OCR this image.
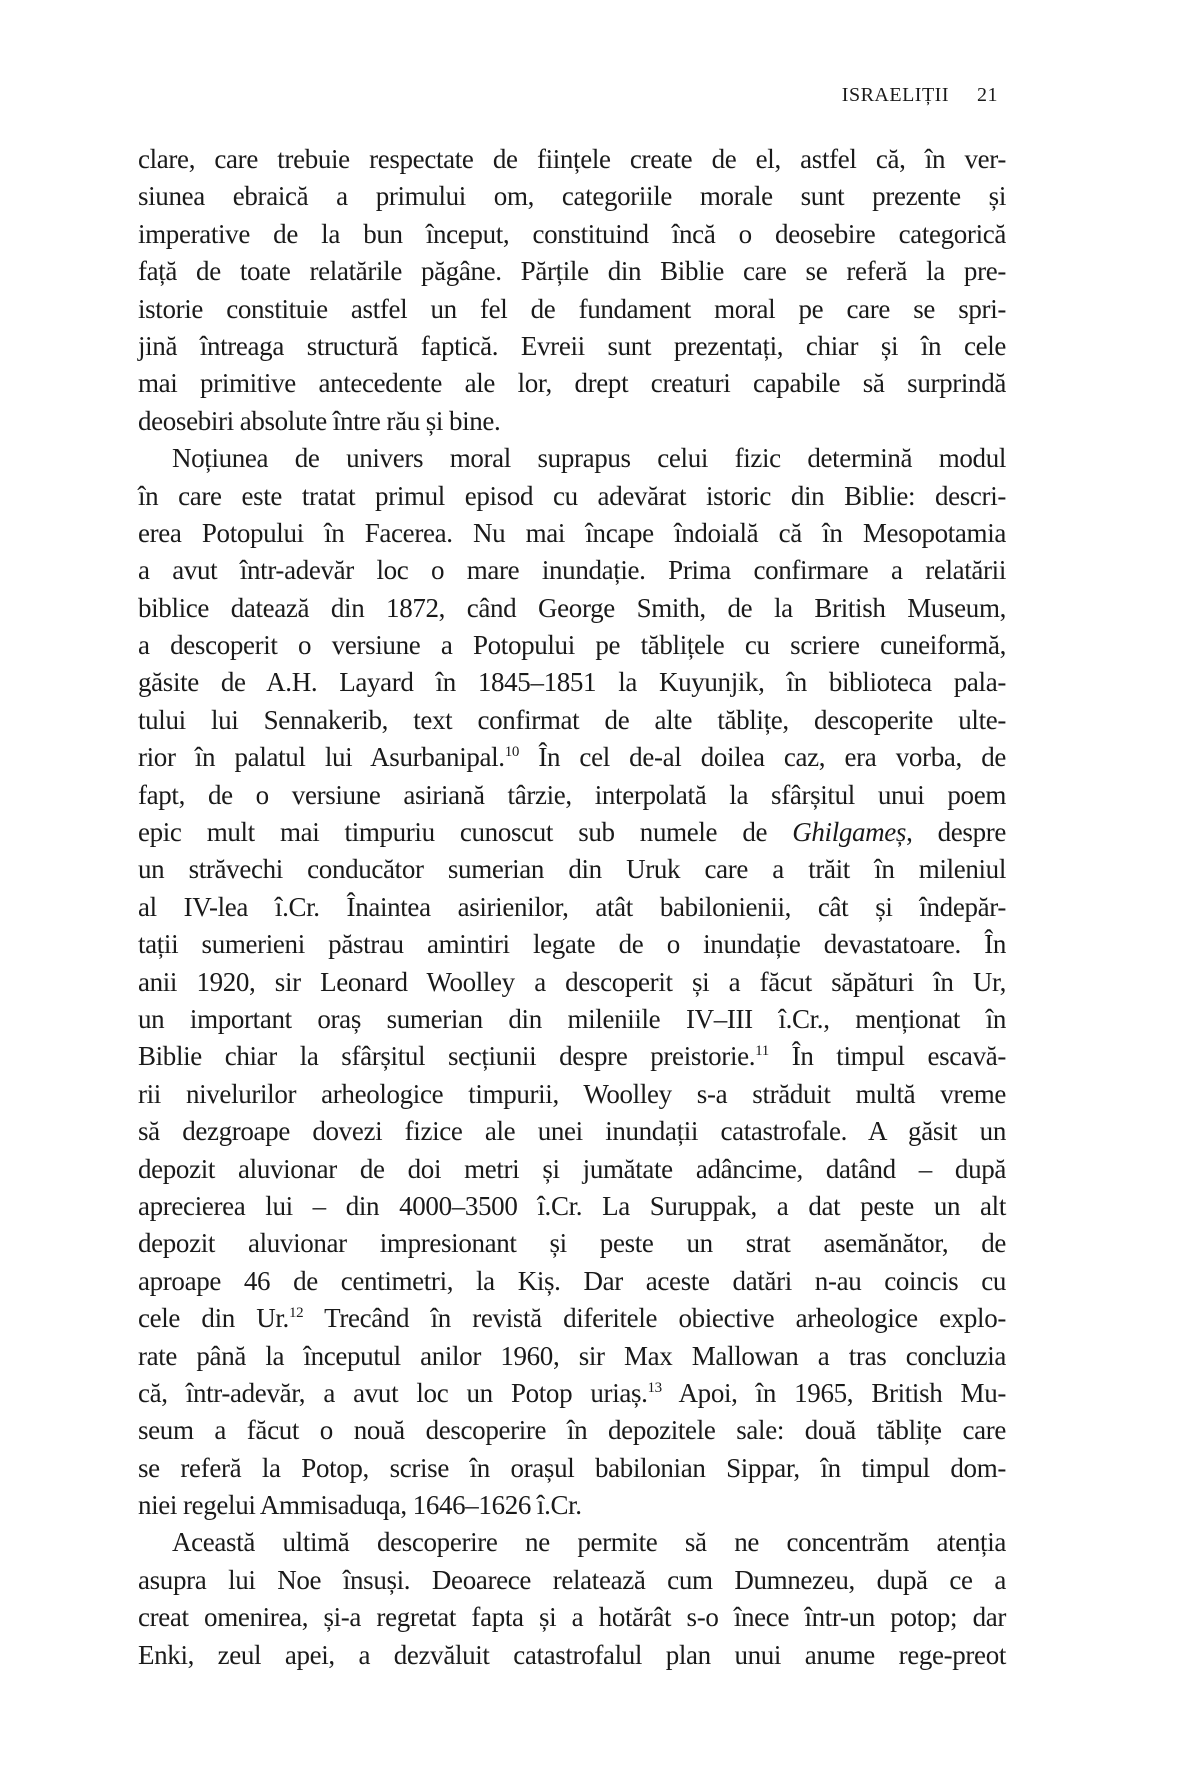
ISRAELIȚII 21
clare, care trebuie respectate de ființele create de el, astfel că, în ver-
siunea ebraică a primului om, categoriile morale sunt prezente și
imperative de la bun început, constituind încă o deosebire categorică
față de toate relatările păgâne. Părțile din Biblie care se referă la pre-
istorie constituie astfel un fel de fundament moral pe care se spri-
jină întreaga structură faptică. Evreii sunt prezentați, chiar și în cele
mai primitive antecedente ale lor, drept creaturi capabile să surprindă
deosebiri absolute între rău și bine.
Noțiunea de univers moral suprapus celui fizic determină modul
în care este tratat primul episod cu adevărat istoric din Biblie: descri-
erea Potopului în Facerea. Nu mai încape îndoială că în Mesopotamia
a avut într-adevăr loc o mare inundație. Prima confirmare a relatării
biblice datează din 1872, când George Smith, de la British Museum,
a descoperit o versiune a Potopului pe tăblițele cu scriere cuneiformă,
găsite de A.H. Layard în 1845–1851 la Kuyunjik, în biblioteca pala-
tului lui Sennakerib, text confirmat de alte tăblițe, descoperite ulte-
rior în palatul lui Asurbanipal.$^{10}$ În cel de-al doilea caz, era vorba, de
fapt, de o versiune asiriană târzie, interpolată la sfârșitul unui poem
epic mult mai timpuriu cunoscut sub numele de Ghilgameș, despre
un străvechi conducător sumerian din Uruk care a trăit în mileniul
al IV-lea î.Cr. Înaintea asirienilor, atât babilonienii, cât și îndepăr-
tații sumerieni păstrau amintiri legate de o inundație devastatoare. În
anii 1920, sir Leonard Woolley a descoperit și a făcut săpături în Ur,
un important oraș sumerian din mileniile IV–III î.Cr., menționat în
Biblie chiar la sfârșitul secțiunii despre preistorie.$^{11}$ În timpul escavă-
rii nivelurilor arheologice timpurii, Woolley s-a străduit multă vreme
să dezgroape dovezi fizice ale unei inundații catastrofale. A găsit un
depozit aluvionar de doi metri și jumătate adâncime, datând – după
aprecierea lui – din 4000–3500 î.Cr. La Suruppak, a dat peste un alt
depozit aluvionar impresionant și peste un strat asemănător, de
aproape 46 de centimetri, la Kiș. Dar aceste datări n-au coincis cu
cele din Ur.$^{12}$ Trecând în revistă diferitele obiective arheologice explo-
rate până la începutul anilor 1960, sir Max Mallowan a tras concluzia
că, într-adevăr, a avut loc un Potop uriaș.$^{13}$ Apoi, în 1965, British Mu-
seum a făcut o nouă descoperire în depozitele sale: două tăblițe care
se referă la Potop, scrise în orașul babilonian Sippar, în timpul dom-
niei regelui Ammisaduqa, 1646–1626 î.Cr.
Această ultimă descoperire ne permite să ne concentrăm atenția
asupra lui Noe însuși. Deoarece relatează cum Dumnezeu, după ce a
creat omenirea, și-a regretat fapta și a hotărât s-o înece într-un potop; dar
Enki, zeul apei, a dezvăluit catastrofalul plan unui anume rege-preot
